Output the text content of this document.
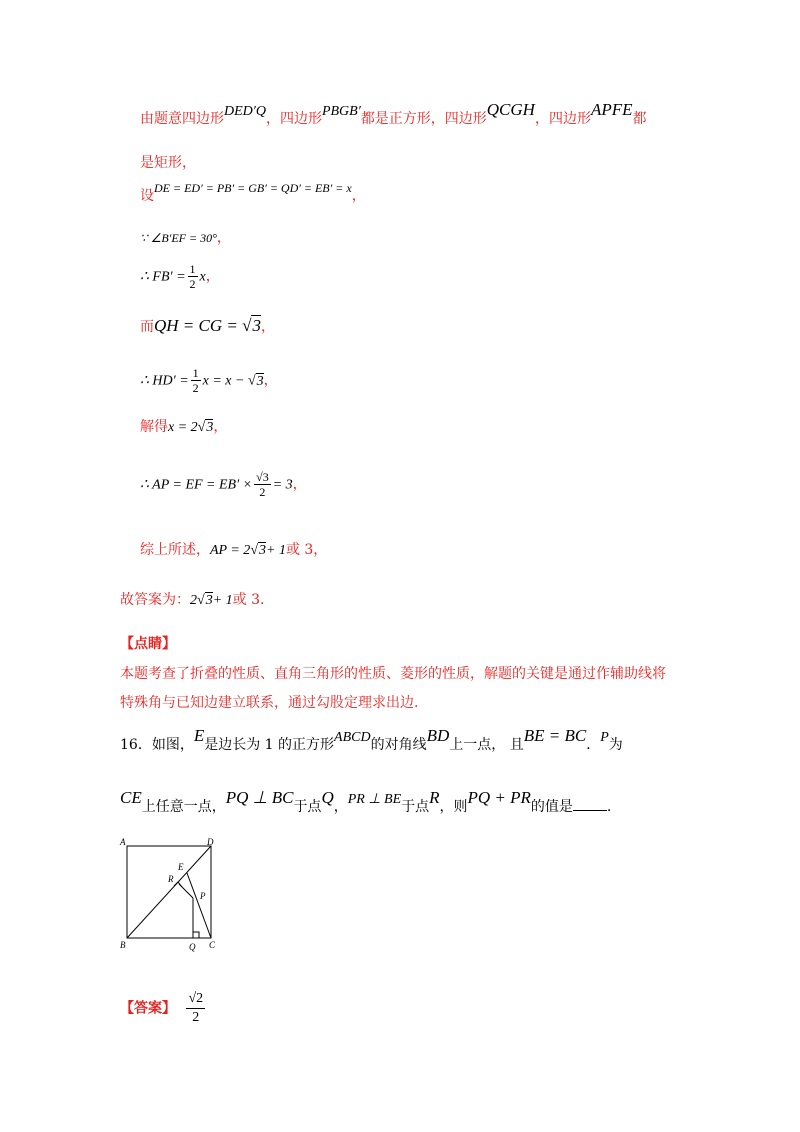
由题意四边形DED′Q，四边形PBGB′都是正方形，四边形QCGH，四边形APFE都
是矩形，
设DE = ED′ = PB′ = GB′ = QD′ = EB′ = x，
∵ ∠B′EF = 30°，
∴ $FB' = \frac{1}{2}$ x，
而QH = CG = √3，
∴ $HD' = \frac{1}{2}$ x = x − √3，
解得x = 2√3，
∴ AP = EF = $EB' \times \frac{√3}{2} = 3$，
综上所述，AP = 2√3+ 1或 3，
故答案为：2√3+ 1或 3.
【点睛】
本题考查了折叠的性质、直角三角形的性质、菱形的性质，解题的关键是通过作辅助线将
特殊角与已知边建立联系，通过勾股定理求出边.
16．如图，E是边长为 1 的正方形ABCD的对角线BD上一点， 且BE = BC．P为
CE上任意一点，PQ ⊥ BC于点Q，PR ⊥ BE于点R，则PQ + PR的值是 .
A	D
B	C
E
R
P
Q
【答案】 $\frac{√2}{2}$
